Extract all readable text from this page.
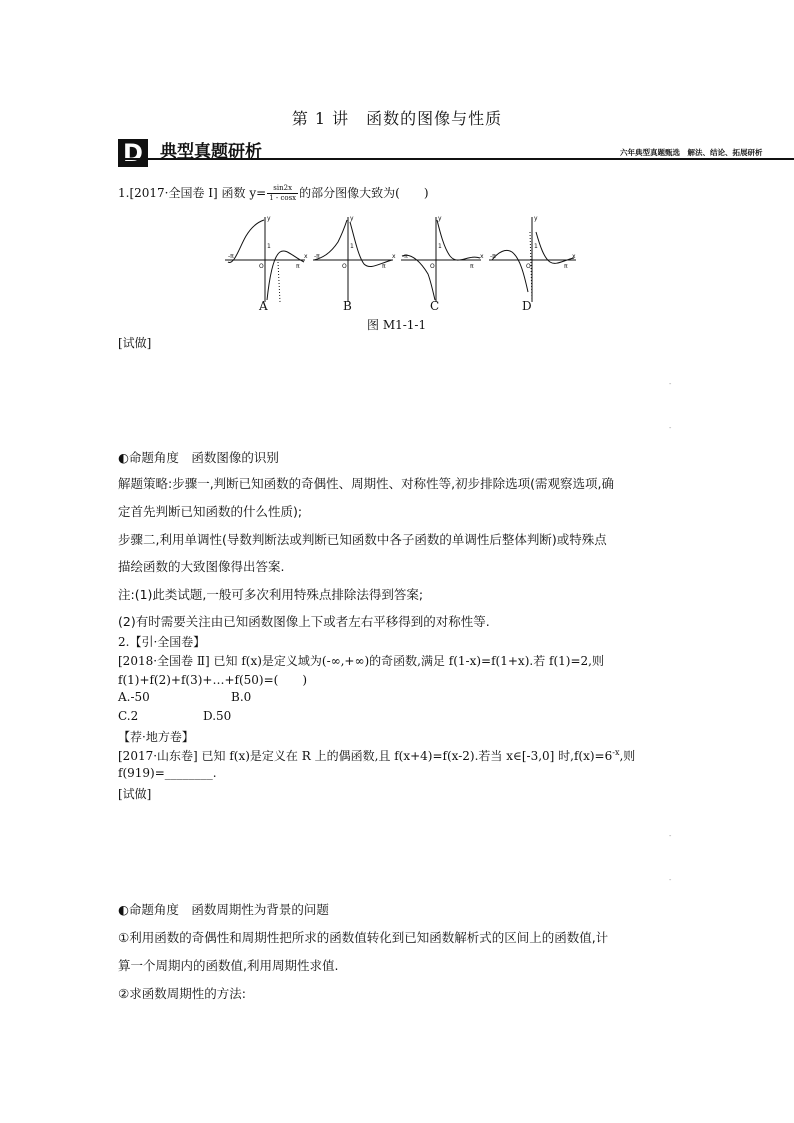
第 1 讲　函数的图像与性质
D 典型真题研析	六年典型真题甄选　解法、结论、拓展研析
1.[2017·全国卷 Ⅰ] 函数 $y= \frac{\sin 2x}{1 - \cos x}$ 的部分图像大致为(　　)
O
1
-π
π
y
x
O
1
-π
π
y
x
O
1
-π
π
y
x
O
1
-π
π
y
x
A	B	C	D
图 M1-1-1
[试做]
-
-
◐命题角度　函数图像的识别
解题策略:步骤一,判断已知函数的奇偶性、周期性、对称性等,初步排除选项(需观察选项,确
定首先判断已知函数的什么性质);
步骤二,利用单调性(导数判断法或判断已知函数中各子函数的单调性后整体判断)或特殊点
描绘函数的大致图像得出答案.
注:(1)此类试题,一般可多次利用特殊点排除法得到答案;
(2)有时需要关注由已知函数图像上下或者左右平移得到的对称性等.
2.【引·全国卷】
[2018·全国卷 Ⅱ] 已知 f(x)是定义域为(-∞,+∞)的奇函数,满足 f(1-x)=f(1+x).若 f(1)=2,则
f(1)+f(2)+f(3)+…+f(50)=(　　)
A.-50	B.0
C.2	D.50
【荐·地方卷】
[2017·山东卷] 已知 f(x)是定义在 R 上的偶函数,且 f(x+4)=f(x-2).若当 x∈[-3,0] 时$,f(x)=6^{-x}$,则
f(919)=________.
[试做]
-
-
◐命题角度　函数周期性为背景的问题
①利用函数的奇偶性和周期性把所求的函数值转化到已知函数解析式的区间上的函数值,计
算一个周期内的函数值,利用周期性求值.
②求函数周期性的方法:
